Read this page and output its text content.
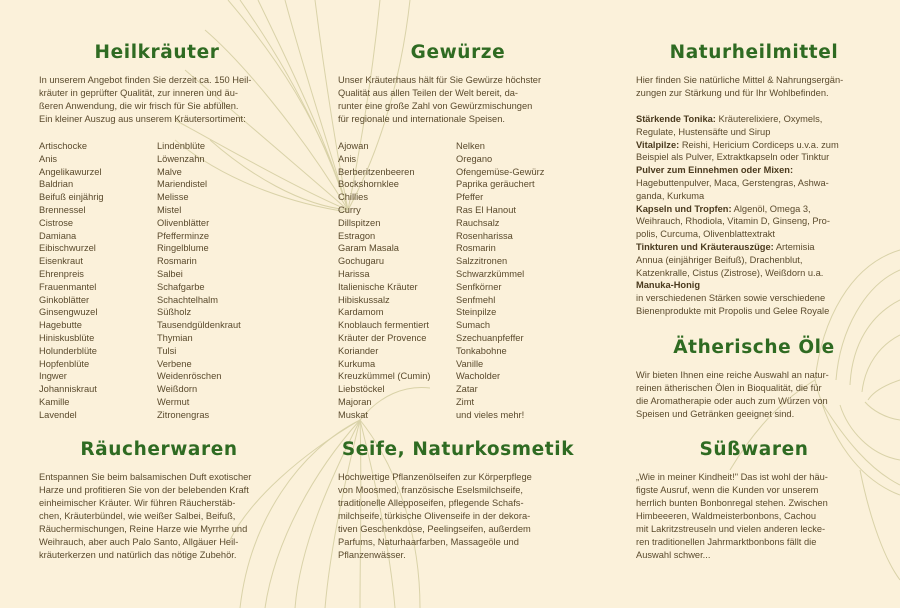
Heilkräuter

In unserem Angebot finden Sie derzeit ca. 150 Heil-
kräuter in geprüfter Qualität, zur inneren und äu-
ßeren Anwendung, die wir frisch für Sie abfüllen.
Ein kleiner Auszug aus unserem Kräutersortiment:

Artischocke
Anis
Angelikawurzel
Baldrian
Beifuß einjährig
Brennessel
Cistrose
Damiana
Eibischwurzel
Eisenkraut
Ehrenpreis
Frauenmantel
Ginkoblätter
Ginsengwuzel
Hagebutte
Hiniskusblüte
Holunderblüte
Hopfenblüte
Ingwer
Johanniskraut
Kamille
Lavendel
Lindenblüte
Löwenzahn
Malve
Mariendistel
Melisse
Mistel
Olivenblätter
Pfefferminze
Ringelblume
Rosmarin
Salbei
Schafgarbe
Schachtelhalm
Süßholz
Tausendgüldenkraut
Thymian
Tulsi
Verbene
Weidenröschen
Weißdorn
Wermut
Zitronengras
Gewürze

Unser Kräuterhaus hält für Sie Gewürze höchster
Qualität aus allen Teilen der Welt bereit, da-
runter eine große Zahl von Gewürzmischungen
für regionale und internationale Speisen.

Ajowan
Anis
Berberitzenbeeren
Bockshornklee
Chillies
Curry
Dillspitzen
Estragon
Garam Masala
Gochugaru
Harissa
Italienische Kräuter
Hibiskussalz
Kardamom
Knoblauch fermentiert
Kräuter der Provence
Koriander
Kurkuma
Kreuzkümmel (Cumin)
Liebstöckel
Majoran
Muskat
Nelken
Oregano
Ofengemüse-Gewürz
Paprika geräuchert
Pfeffer
Ras El Hanout
Rauchsalz
Rosenharissa
Rosmarin
Salzzitronen
Schwarzkümmel
Senfkörner
Senfmehl
Steinpilze
Sumach
Szechuanpfeffer
Tonkabohne
Vanille
Wacholder
Zatar
Zimt
und vieles mehr!
Naturheilmittel

Hier finden Sie natürliche Mittel & Nahrungsergän-
zungen zur Stärkung und für Ihr Wohlbefinden.

Stärkende Tonika: Kräuterelixiere, Oxymels,
Regulate, Hustensäfte und Sirup
Vitalpilze: Reishi, Hericium Cordiceps u.v.a. zum
Beispiel als Pulver, Extraktkapseln oder Tinktur
Pulver zum Einnehmen oder Mixen:
Hagebuttenpulver, Maca, Gerstengras, Ashwa-
ganda, Kurkuma
Kapseln und Tropfen: Algenöl, Omega 3,
Weihrauch, Rhodiola, Vitamin D, Ginseng, Pro-
polis, Curcuma, Olivenblattextrakt
Tinkturen und Kräuterauszüge: Artemisia
Annua (einjähriger Beifuß), Drachenblut,
Katzenkralle, Cistus (Zistrose), Weißdorn u.a.
Manuka-Honig
in verschiedenen Stärken sowie verschiedene
Bienenprodukte mit Propolis und Gelee Royale
Ätherische Öle

Wir bieten Ihnen eine reiche Auswahl an natur-
reinen ätherischen Ölen in Bioqualität, die für
die Aromatherapie oder auch zum Würzen von
Speisen und Getränken geeignet sind.

Räucherwaren

Entspannen Sie beim balsamischen Duft exotischer
Harze und profitieren Sie von der belebenden Kraft
einheimischer Kräuter. Wir führen Räucherstäb-
chen, Kräuterbündel, wie weißer Salbei, Beifuß,
Räuchermischungen, Reine Harze wie Myrrhe und
Weihrauch, aber auch Palo Santo, Allgäuer Heil-
kräuterkerzen und natürlich das nötige Zubehör.

Seife, Naturkosmetik

Hochwertige Pflanzenölseifen zur Körperpflege
von Moosmed, französische Eselsmilchseife,
traditionelle Allepposeifen, pflegende Schafs-
milchseife, türkische Olivenseife in der dekora-
tiven Geschenkdose, Peelingseifen, außerdem
Parfums, Naturhaarfarben, Massageöle und
Pflanzenwässer.

Süßwaren

„Wie in meiner Kindheit!" Das ist wohl der häu-
figste Ausruf, wenn die Kunden vor unserem
herrlich bunten Bonbonregal stehen. Zwischen
Himbeeeren, Waldmeisterbonbons, Cachou
mit Lakritzstreuseln und vielen anderen lecke-
ren traditionellen Jahrmarktbonbons fällt die
Auswahl schwer...
